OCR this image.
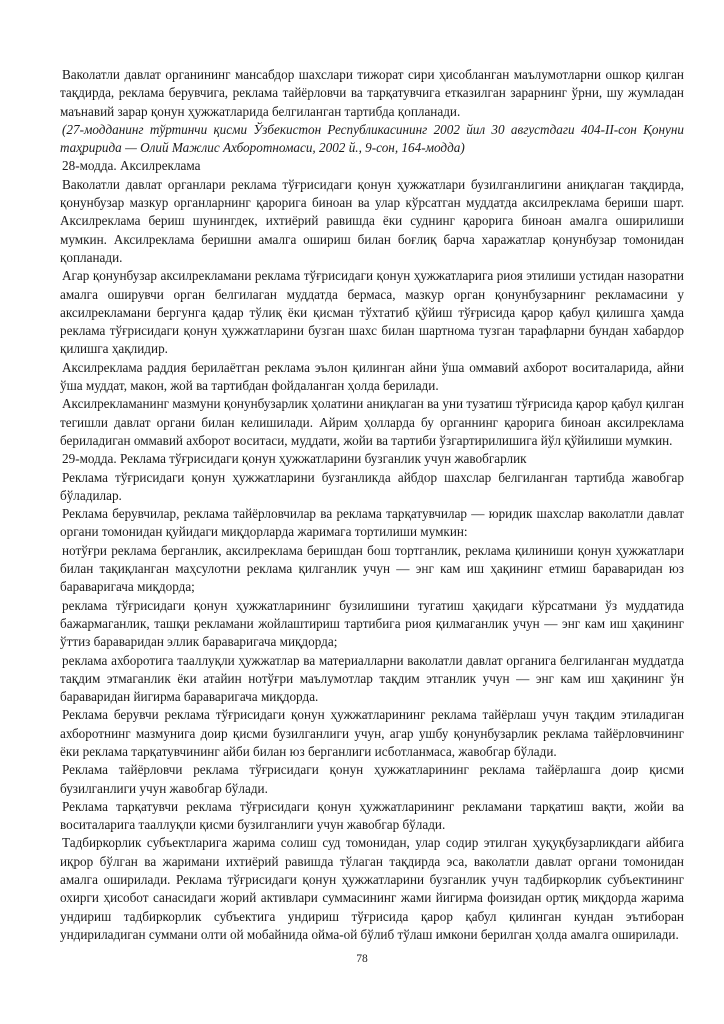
Ваколатли давлат органининг мансабдор шахслари тижорат сири ҳисобланган маълумотларни ошкор қилган тақдирда, реклама берувчига, реклама тайёрловчи ва тарқатувчига етказилган зарарнинг ўрни, шу жумладан маънавий зарар қонун ҳужжатларида белгиланган тартибда қопланади.

(27-модданинг тўртинчи қисми Ўзбекистон Республикасининг 2002 йил 30 августдаги 404-II-сон Қонуни таҳририда — Олий Мажлис Ахборотномаси, 2002 й., 9-сон, 164-модда)

28-модда. Аксилреклама

Ваколатли давлат органлари реклама тўғрисидаги қонун ҳужжатлари бузилганлигини аниқлаган тақдирда, қонунбузар мазкур органларнинг қарорига биноан ва улар кўрсатган муддатда аксилреклама бериши шарт. Аксилреклама бериш шунингдек, ихтиёрий равишда ёки суднинг қарорига биноан амалга оширилиши мумкин. Аксилреклама беришни амалга ошириш билан боғлиқ барча харажатлар қонунбузар томонидан қопланади.

Агар қонунбузар аксилрекламани реклама тўғрисидаги қонун ҳужжатларига риоя этилиши устидан назоратни амалга оширувчи орган белгилаган муддатда бермаса, мазкур орган қонунбузарнинг рекламасини у аксилрекламани бергунга қадар тўлиқ ёки қисман тўхтатиб қўйиш тўғрисида қарор қабул қилишга ҳамда реклама тўғрисидаги қонун ҳужжатларини бузган шахс билан шартнома тузган тарафларни бундан хабардор қилишга ҳақлидир.

Аксилреклама раддия берилаётган реклама эълон қилинган айни ўша оммавий ахборот воситаларида, айни ўша муддат, макон, жой ва тартибдан фойдаланган ҳолда берилади.

Аксилрекламанинг мазмуни қонунбузарлик ҳолатини аниқлаган ва уни тузатиш тўғрисида қарор қабул қилган тегишли давлат органи билан келишилади. Айрим ҳолларда бу органнинг қарорига биноан аксилреклама бериладиган оммавий ахборот воситаси, муддати, жойи ва тартиби ўзгартирилишига йўл қўйилиши мумкин.

29-модда. Реклама тўғрисидаги қонун ҳужжатларини бузганлик учун жавобгарлик

Реклама тўғрисидаги қонун ҳужжатларини бузганликда айбдор шахслар белгиланган тартибда жавобгар бўладилар.

Реклама берувчилар, реклама тайёрловчилар ва реклама тарқатувчилар — юридик шахслар ваколатли давлат органи томонидан қуйидаги миқдорларда жаримага тортилиши мумкин:

нотўғри реклама берганлик, аксилреклама беришдан бош тортганлик, реклама қилиниши қонун ҳужжатлари билан тақиқланган маҳсулотни реклама қилганлик учун — энг кам иш ҳақининг етмиш бараваридан юз бараваригача миқдорда;

реклама тўғрисидаги қонун ҳужжатларининг бузилишини тугатиш ҳақидаги кўрсатмани ўз муддатида бажармаганлик, ташқи рекламани жойлаштириш тартибига риоя қилмаганлик учун — энг кам иш ҳақининг ўттиз бараваридан эллик бараваригача миқдорда;

реклама ахборотига тааллуқли ҳужжатлар ва материалларни ваколатли давлат органига белгиланган муддатда тақдим этмаганлик ёки атайин нотўғри маълумотлар тақдим этганлик учун — энг кам иш ҳақининг ўн бараваридан йигирма бараваригача миқдорда.

Реклама берувчи реклама тўғрисидаги қонун ҳужжатларининг реклама тайёрлаш учун тақдим этиладиган ахборотнинг мазмунига доир қисми бузилганлиги учун, агар ушбу қонунбузарлик реклама тайёрловчининг ёки реклама тарқатувчининг айби билан юз берганлиги исботланмаса, жавобгар бўлади.

Реклама тайёрловчи реклама тўғрисидаги қонун ҳужжатларининг реклама тайёрлашга доир қисми бузилганлиги учун жавобгар бўлади.

Реклама тарқатувчи реклама тўғрисидаги қонун ҳужжатларининг рекламани тарқатиш вақти, жойи ва воситаларига тааллуқли қисми бузилганлиги учун жавобгар бўлади.

Тадбиркорлик субъектларига жарима солиш суд томонидан, улар содир этилган ҳуқуқбузарликдаги айбига иқрор бўлган ва жаримани ихтиёрий равишда тўлаган тақдирда эса, ваколатли давлат органи томонидан амалга оширилади. Реклама тўғрисидаги қонун ҳужжатларини бузганлик учун тадбиркорлик субъектининг охирги ҳисобот санасидаги жорий активлари суммасининг жами йигирма фоизидан ортиқ миқдорда жарима ундириш тадбиркорлик субъектига ундириш тўғрисида қарор қабул қилинган кундан эътиборан ундириладиган суммани олти ой мобайнида ойма-ой бўлиб тўлаш имкони берилган ҳолда амалга оширилади.

78
